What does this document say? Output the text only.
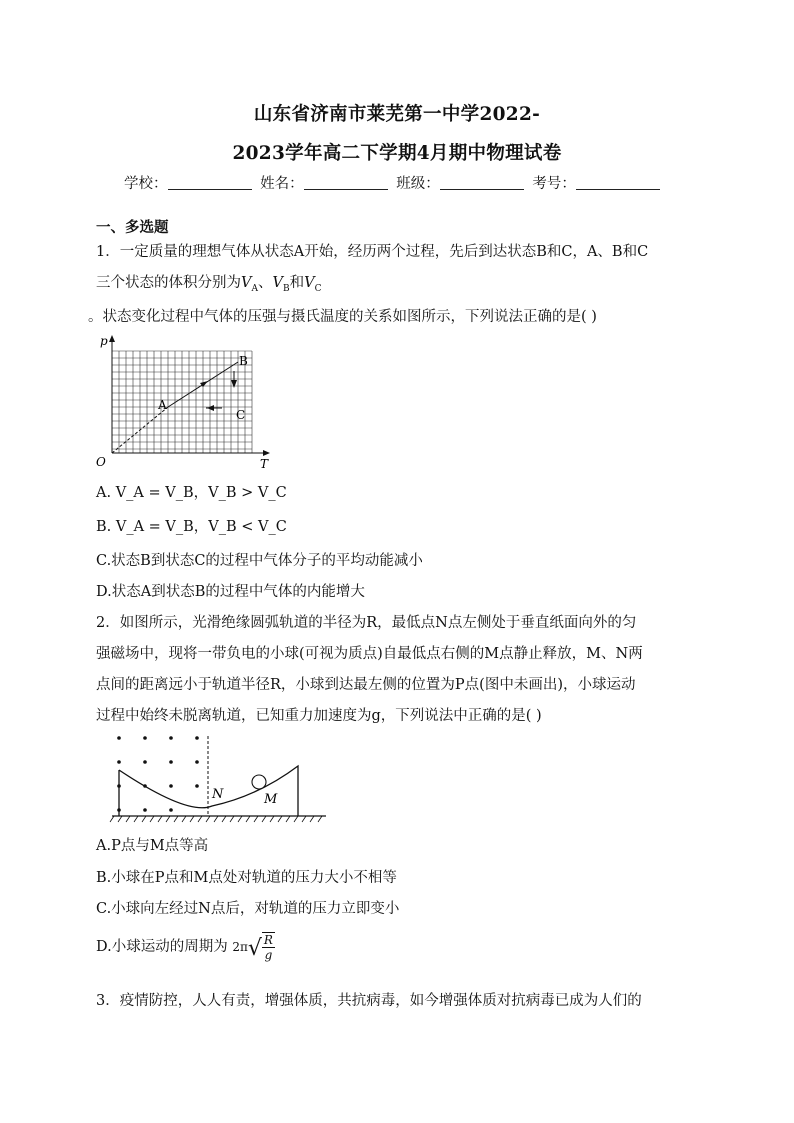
山东省济南市莱芜第一中学2022-
2023学年高二下学期4月期中物理试卷
学校：	姓名：	班级：	考号：
一、多选题
1．一定质量的理想气体从状态A开始，经历两个过程，先后到达状态B和C，A、B和C
三个状态的体积分别为$V_A$、$V_B$和$V_C$
。状态变化过程中气体的压强与摄氏温度的关系如图所示，下列说法正确的是( )
p
T
O
A
B
C
A. V_A = V_B，V_B > V_C
B. V_A = V_B，V_B < V_C
C.状态B到状态C的过程中气体分子的平均动能减小
D.状态A到状态B的过程中气体的内能增大
2．如图所示，光滑绝缘圆弧轨道的半径为R，最低点N点左侧处于垂直纸面向外的匀
强磁场中，现将一带负电的小球(可视为质点)自最低点右侧的M点静止释放，M、N两
点间的距离远小于轨道半径R，小球到达最左侧的位置为P点(图中未画出)，小球运动
过程中始终未脱离轨道，已知重力加速度为g，下列说法中正确的是( )
N	M
A.P点与M点等高
B.小球在P点和M点处对轨道的压力大小不相等
C.小球向左经过N点后，对轨道的压力立即变小
D.小球运动的周期为 $2\pi√ \frac{R}{g}$
3．疫情防控，人人有责，增强体质，共抗病毒，如今增强体质对抗病毒已成为人们的
